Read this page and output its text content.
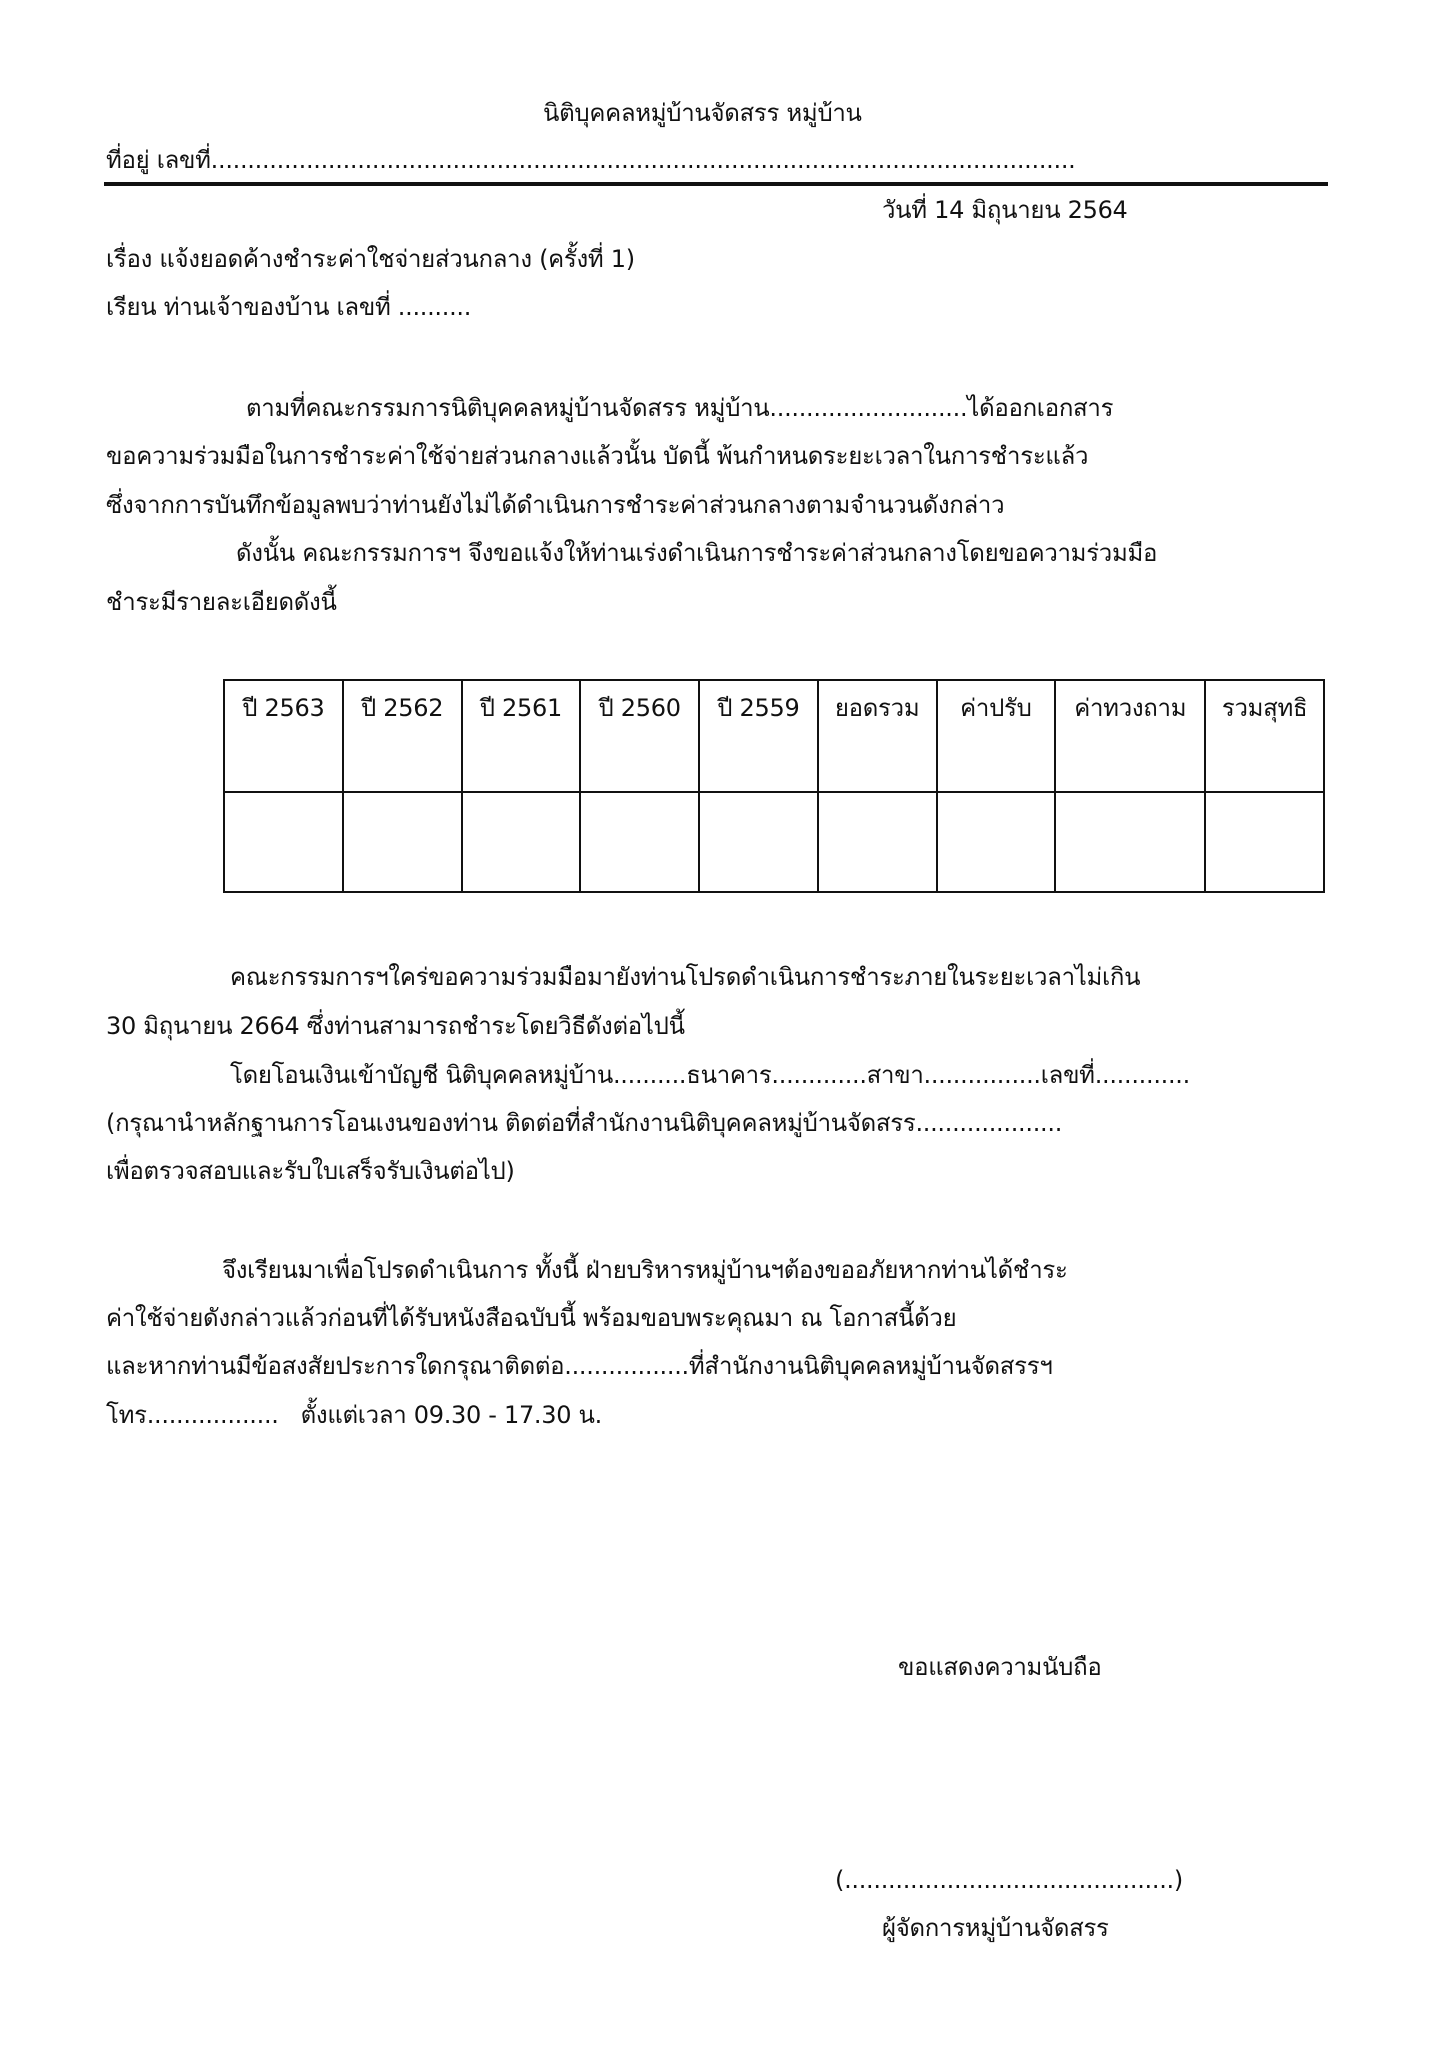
นิติบุคคลหมู่บ้านจัดสรร หมู่บ้าน
ที่อยู่ เลขที่......................................................................................................................
วันที่ 14 มิถุนายน 2564
เรื่อง แจ้งยอดค้างชำระค่าใชจ่ายส่วนกลาง (ครั้งที่ 1)
เรียน ท่านเจ้าของบ้าน เลขที่ ..........
ตามที่คณะกรรมการนิติบุคคลหมู่บ้านจัดสรร หมู่บ้าน...........................ได้ออกเอกสาร
ขอความร่วมมือในการชำระค่าใช้จ่ายส่วนกลางแล้วนั้น บัดนี้ พ้นกำหนดระยะเวลาในการชำระแล้ว
ซึ่งจากการบันทึกข้อมูลพบว่าท่านยังไม่ได้ดำเนินการชำระค่าส่วนกลางตามจำนวนดังกล่าว
ดังนั้น คณะกรรมการฯ จึงขอแจ้งให้ท่านเร่งดำเนินการชำระค่าส่วนกลางโดยขอความร่วมมือ
ชำระมีรายละเอียดดังนี้
ปี 2563	ปี 2562	ปี 2561	ปี 2560	ปี 2559	ยอดรวม	ค่าปรับ	ค่าทวงถาม	รวมสุทธิ

คณะกรรมการฯใคร่ขอความร่วมมือมายังท่านโปรดดำเนินการชำระภายในระยะเวลาไม่เกิน
30 มิถุนายน 2664 ซึ่งท่านสามารถชำระโดยวิธีดังต่อไปนี้
โดยโอนเงินเข้าบัญชี นิติบุคคลหมู่บ้าน..........ธนาคาร.............สาขา................เลขที่.............
(กรุณานำหลักฐานการโอนเงนของท่าน ติดต่อที่สำนักงานนิติบุคคลหมู่บ้านจัดสรร....................
เพื่อตรวจสอบและรับใบเสร็จรับเงินต่อไป)
จึงเรียนมาเพื่อโปรดดำเนินการ ทั้งนี้ ฝ่ายบริหารหมู่บ้านฯต้องขออภัยหากท่านได้ชำระ
ค่าใช้จ่ายดังกล่าวแล้วก่อนที่ได้รับหนังสือฉบับนี้ พร้อมขอบพระคุณมา ณ โอกาสนี้ด้วย
และหากท่านมีข้อสงสัยประการใดกรุณาติดต่อ.................ที่สำนักงานนิติบุคคลหมู่บ้านจัดสรรฯ
โทร..................   ตั้งแต่เวลา 09.30 - 17.30 น.
ขอแสดงความนับถือ
(.............................................)
ผู้จัดการหมู่บ้านจัดสรร
